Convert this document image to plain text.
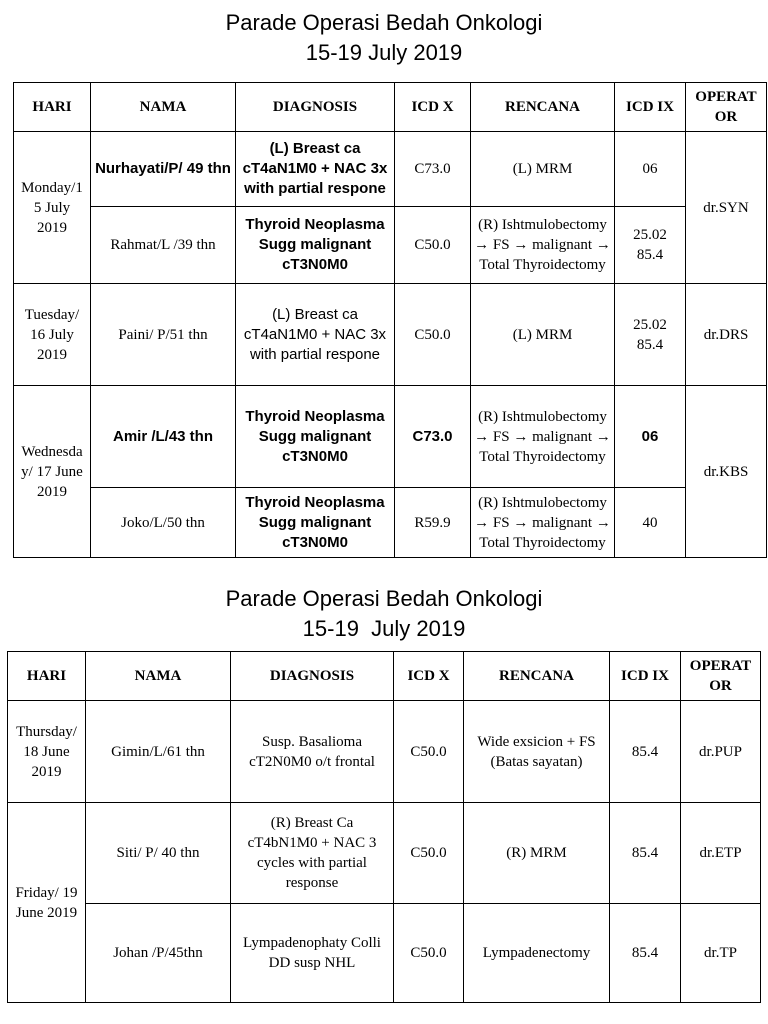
Parade Operasi Bedah Onkologi
15-19 July 2019
HARI	NAMA	DIAGNOSIS	ICD X	RENCANA	ICD IX	OPERAT
OR
Monday/1
5 July
2019	Nurhayati/P/ 49 thn	(L) Breast ca
cT4aN1M0 + NAC 3x
with partial respone	C73.0	(L) MRM	06	dr.SYN
	Rahmat/L /39 thn	Thyroid Neoplasma
Sugg malignant
cT3N0M0	C50.0	(R) Ishtmulobectomy
→ FS → malignant →
Total Thyroidectomy	25.02
85.4	
Tuesday/
16 July
2019	Paini/ P/51 thn	(L) Breast ca
cT4aN1M0 + NAC 3x
with partial respone	C50.0	(L) MRM	25.02
85.4	dr.DRS
Wednesda
y/ 17 June
2019	Amir /L/43 thn	Thyroid Neoplasma
Sugg malignant
cT3N0M0	C73.0	(R) Ishtmulobectomy
→ FS → malignant →
Total Thyroidectomy	06	dr.KBS
	Joko/L/50 thn	Thyroid Neoplasma
Sugg malignant
cT3N0M0	R59.9	(R) Ishtmulobectomy
→ FS → malignant →
Total Thyroidectomy	40	
Parade Operasi Bedah Onkologi
15-19  July 2019
HARI	NAMA	DIAGNOSIS	ICD X	RENCANA	ICD IX	OPERAT
OR
Thursday/
18 June
2019	Gimin/L/61 thn	Susp. Basalioma
cT2N0M0 o/t frontal	C50.0	Wide exsicion + FS
(Batas sayatan)	85.4	dr.PUP
Friday/ 19
June 2019	Siti/ P/ 40 thn	(R) Breast Ca
cT4bN1M0 + NAC 3
cycles with partial
response	C50.0	(R) MRM	85.4	dr.ETP
	Johan /P/45thn	Lympadenophaty Colli
DD susp NHL	C50.0	Lympadenectomy	85.4	dr.TP
